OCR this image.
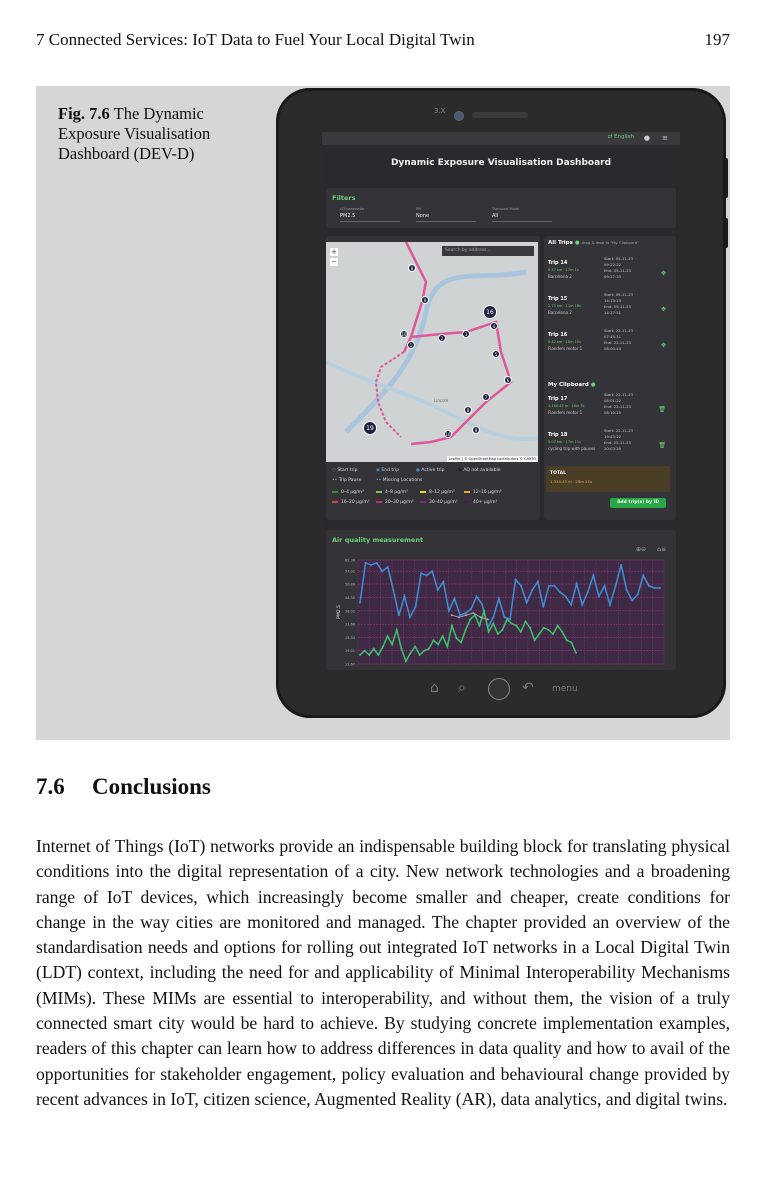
7 Connected Services: IoT Data to Fuel Your Local Digital Twin	197
Fig. 7.6 The Dynamic Exposure Visualisation Dashboard (DEV-D)
3.X
⇄ English ● ≡
Dynamic Exposure Visualisation Dashboard
Filters
AQ parameter
PM2.5
PM
None
Transport Mode
All
8
9
16
4
10
2
3
1
5
6
7
8
19
10
9
Search by address...
+
−
Lincoln
Leaflet | © OpenStreetMap contributors © CARTO
○ Start trip	◉ End trip	● Active trip	● AQ not available
•• Trip Pause	•• Missing Locations
0–4 µg/m³	4–8 µg/m³	8–12 µg/m³	12–16 µg/m³
16–20 µg/m³	20–30 µg/m³	30–40 µg/m³	40+ µg/m³
All Trips ● drag & drop to "My Clipboard"
Trip 14
9.57 km · 17m 1s
Barcelona 2
Start: 05-11-23 09:22:22
End: 05-11-23 09:27:33	✥
Trip 15
2.75 km · 11m 18s
Barcelona 2
Start: 09-11-23 14:13:13
End: 09-11-23 14:27:51	✥
Trip 16
5.42 km · 16m 10s
Flanders motor 1
Start: 22-11-23 07:45:11
End: 22-11-23 08:00:44	✥
My Clipboard ●
Trip 17
1,186.43 m · 16m 3s
Flanders motor 1
Start: 22-11-23 08:01:22
End: 22-11-23 08:10:25	🗑
Trip 18
5.07 km · 17m 11s
cycling trip with pauses
Start: 22-11-23 19:43:22
End: 22-11-23 20:03:29	🗑
TOTAL
1,334.43 m · 25m 11s
Add trip(s) by ID
Air quality measurement
⊕⊖ ⌂≡
62.36
57.02
50.89
44.35
38.02
31.68
25.34
19.01
12.67
PM2.5
⌂ ⌕	↶ menu
7.6 Conclusions
Internet of Things (IoT) networks provide an indispensable building block for translating physical conditions into the digital representation of a city. New network technologies and a broadening range of IoT devices, which increasingly become smaller and cheaper, create conditions for change in the way cities are monitored and managed. The chapter provided an overview of the standardisation needs and options for rolling out integrated IoT networks in a Local Digital Twin (LDT) context, including the need for and applicability of Minimal Interoperability Mechanisms (MIMs). These MIMs are essential to interoperability, and without them, the vision of a truly connected smart city would be hard to achieve. By studying concrete implementation examples, readers of this chapter can learn how to address differences in data quality and how to avail of the opportunities for stakeholder engagement, policy evaluation and behavioural change provided by recent advances in IoT, citizen science, Augmented Reality (AR), data analytics, and digital twins.
